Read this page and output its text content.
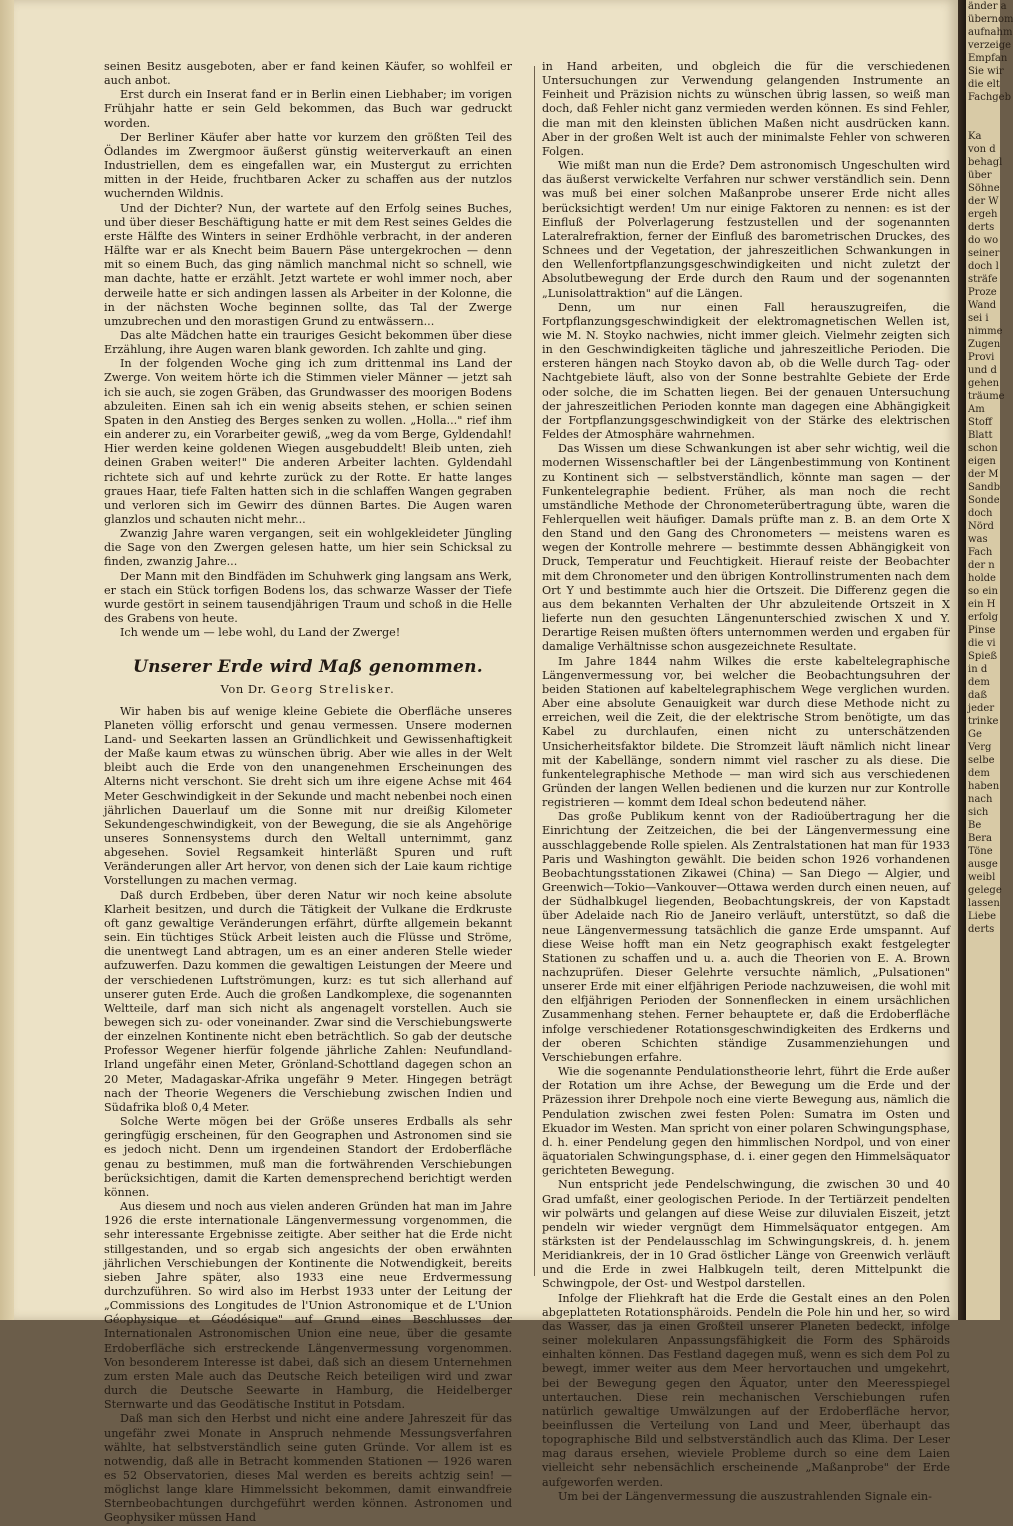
seinen Besitz ausgeboten, aber er fand keinen Käufer, so wohlfeil er auch anbot.

Erst durch ein Inserat fand er in Berlin einen Liebhaber; im vorigen Frühjahr hatte er sein Geld bekommen, das Buch war gedruckt worden.

Der Berliner Käufer aber hatte vor kurzem den größten Teil des Ödlandes im Zwergmoor äußerst günstig weiterverkauft an einen Industriellen, dem es eingefallen war, ein Mustergut zu errichten mitten in der Heide, fruchtbaren Acker zu schaffen aus der nutzlos wuchernden Wildnis.

Und der Dichter? Nun, der wartete auf den Erfolg seines Buches, und über dieser Beschäftigung hatte er mit dem Rest seines Geldes die erste Hälfte des Winters in seiner Erdhöhle verbracht, in der anderen Hälfte war er als Knecht beim Bauern Päse untergekrochen — denn mit so einem Buch, das ging nämlich manchmal nicht so schnell, wie man dachte, hatte er erzählt. Jetzt wartete er wohl immer noch, aber derweile hatte er sich andingen lassen als Arbeiter in der Kolonne, die in der nächsten Woche beginnen sollte, das Tal der Zwerge umzubrechen und den morastigen Grund zu entwässern...

Das alte Mädchen hatte ein trauriges Gesicht bekommen über diese Erzählung, ihre Augen waren blank geworden. Ich zahlte und ging.

In der folgenden Woche ging ich zum drittenmal ins Land der Zwerge. Von weitem hörte ich die Stimmen vieler Männer — jetzt sah ich sie auch, sie zogen Gräben, das Grundwasser des moorigen Bodens abzuleiten. Einen sah ich ein wenig abseits stehen, er schien seinen Spaten in den Anstieg des Berges senken zu wollen. „Holla..." rief ihm ein anderer zu, ein Vorarbeiter gewiß, „weg da vom Berge, Gyldendahl! Hier werden keine goldenen Wiegen ausgebuddelt! Bleib unten, zieh deinen Graben weiter!" Die anderen Arbeiter lachten. Gyldendahl richtete sich auf und kehrte zurück zu der Rotte. Er hatte langes graues Haar, tiefe Falten hatten sich in die schlaffen Wangen gegraben und verloren sich im Gewirr des dünnen Bartes. Die Augen waren glanzlos und schauten nicht mehr...

Zwanzig Jahre waren vergangen, seit ein wohlgekleideter Jüngling die Sage von den Zwergen gelesen hatte, um hier sein Schicksal zu finden, zwanzig Jahre...

Der Mann mit den Bindfäden im Schuhwerk ging langsam ans Werk, er stach ein Stück torfigen Bodens los, das schwarze Wasser der Tiefe wurde gestört in seinem tausendjährigen Traum und schoß in die Helle des Grabens von heute.

Ich wende um — lebe wohl, du Land der Zwerge!

Unserer Erde wird Maß genommen.
Von Dr. Georg Strelisker.

Wir haben bis auf wenige kleine Gebiete die Oberfläche unseres Planeten völlig erforscht und genau vermessen. Unsere modernen Land- und Seekarten lassen an Gründlichkeit und Gewissenhaftigkeit der Maße kaum etwas zu wünschen übrig. Aber wie alles in der Welt bleibt auch die Erde von den unangenehmen Erscheinungen des Alterns nicht verschont. Sie dreht sich um ihre eigene Achse mit 464 Meter Geschwindigkeit in der Sekunde und macht nebenbei noch einen jährlichen Dauerlauf um die Sonne mit nur dreißig Kilometer Sekundengeschwindigkeit, von der Bewegung, die sie als Angehörige unseres Sonnensystems durch den Weltall unternimmt, ganz abgesehen. Soviel Regsamkeit hinterläßt Spuren und ruft Veränderungen aller Art hervor, von denen sich der Laie kaum richtige Vorstellungen zu machen vermag.

Daß durch Erdbeben, über deren Natur wir noch keine absolute Klarheit besitzen, und durch die Tätigkeit der Vulkane die Erdkruste oft ganz gewaltige Veränderungen erfährt, dürfte allgemein bekannt sein. Ein tüchtiges Stück Arbeit leisten auch die Flüsse und Ströme, die unentwegt Land abtragen, um es an einer anderen Stelle wieder aufzuwerfen. Dazu kommen die gewaltigen Leistungen der Meere und der verschiedenen Luftströmungen, kurz: es tut sich allerhand auf unserer guten Erde. Auch die großen Landkomplexe, die sogenannten Weltteile, darf man sich nicht als angenagelt vorstellen. Auch sie bewegen sich zu- oder voneinander. Zwar sind die Verschiebungswerte der einzelnen Kontinente nicht eben beträchtlich. So gab der deutsche Professor Wegener hierfür folgende jährliche Zahlen: Neufundland-Irland ungefähr einen Meter, Grönland-Schottland dagegen schon an 20 Meter, Madagaskar-Afrika ungefähr 9 Meter. Hingegen beträgt nach der Theorie Wegeners die Verschiebung zwischen Indien und Südafrika bloß 0,4 Meter.

Solche Werte mögen bei der Größe unseres Erdballs als sehr geringfügig erscheinen, für den Geographen und Astronomen sind sie es jedoch nicht. Denn um irgendeinen Standort der Erdoberfläche genau zu bestimmen, muß man die fortwährenden Verschiebungen berücksichtigen, damit die Karten demensprechend berichtigt werden können.

Aus diesem und noch aus vielen anderen Gründen hat man im Jahre 1926 die erste internationale Längenvermessung vorgenommen, die sehr interessante Ergebnisse zeitigte. Aber seither hat die Erde nicht stillgestanden, und so ergab sich angesichts der oben erwähnten jährlichen Verschiebungen der Kontinente die Notwendigkeit, bereits sieben Jahre später, also 1933 eine neue Erdvermessung durchzuführen. So wird also im Herbst 1933 unter der Leitung der „Commissions des Longitudes de l'Union Astronomique et de L'Union Géophysique et Géodésique" auf Grund eines Beschlusses der Internationalen Astronomischen Union eine neue, über die gesamte Erdoberfläche sich erstreckende Längenvermessung vorgenommen. Von besonderem Interesse ist dabei, daß sich an diesem Unternehmen zum ersten Male auch das Deutsche Reich beteiligen wird und zwar durch die Deutsche Seewarte in Hamburg, die Heidelberger Sternwarte und das Geodätische Institut in Potsdam.

Daß man sich den Herbst und nicht eine andere Jahreszeit für das ungefähr zwei Monate in Anspruch nehmende Messungsverfahren wählte, hat selbstverständlich seine guten Gründe. Vor allem ist es notwendig, daß alle in Betracht kommenden Stationen — 1926 waren es 52 Observatorien, dieses Mal werden es bereits achtzig sein! — möglichst lange klare Himmelssicht bekommen, damit einwandfreie Sternbeobachtungen durchgeführt werden können. Astronomen und Geophysiker müssen Hand

in Hand arbeiten, und obgleich die für die verschiedenen Untersuchungen zur Verwendung gelangenden Instrumente an Feinheit und Präzision nichts zu wünschen übrig lassen, so weiß man doch, daß Fehler nicht ganz vermieden werden können. Es sind Fehler, die man mit den kleinsten üblichen Maßen nicht ausdrücken kann. Aber in der großen Welt ist auch der minimalste Fehler von schweren Folgen.

Wie mißt man nun die Erde? Dem astronomisch Ungeschulten wird das äußerst verwickelte Verfahren nur schwer verständlich sein. Denn was muß bei einer solchen Maßanprobe unserer Erde nicht alles berücksichtigt werden! Um nur einige Faktoren zu nennen: es ist der Einfluß der Polverlagerung festzustellen und der sogenannten Lateralrefraktion, ferner der Einfluß des barometrischen Druckes, des Schnees und der Vegetation, der jahreszeitlichen Schwankungen in den Wellenfortpflanzungsgeschwindigkeiten und nicht zuletzt der Absolutbewegung der Erde durch den Raum und der sogenannten „Lunisolattraktion" auf die Längen.

Denn, um nur einen Fall herauszugreifen, die Fortpflanzungsgeschwindigkeit der elektromagnetischen Wellen ist, wie M. N. Stoyko nachwies, nicht immer gleich. Vielmehr zeigten sich in den Geschwindigkeiten tägliche und jahreszeitliche Perioden. Die ersteren hängen nach Stoyko davon ab, ob die Welle durch Tag- oder Nachtgebiete läuft, also von der Sonne bestrahlte Gebiete der Erde oder solche, die im Schatten liegen. Bei der genauen Untersuchung der jahreszeitlichen Perioden konnte man dagegen eine Abhängigkeit der Fortpflanzungsgeschwindigkeit von der Stärke des elektrischen Feldes der Atmosphäre wahrnehmen.

Das Wissen um diese Schwankungen ist aber sehr wichtig, weil die modernen Wissenschaftler bei der Längenbestimmung von Kontinent zu Kontinent sich — selbstverständlich, könnte man sagen — der Funkentelegraphie bedient. Früher, als man noch die recht umständliche Methode der Chronometerübertragung übte, waren die Fehlerquellen weit häufiger. Damals prüfte man z. B. an dem Orte X den Stand und den Gang des Chronometers — meistens waren es wegen der Kontrolle mehrere — bestimmte dessen Abhängigkeit von Druck, Temperatur und Feuchtigkeit. Hierauf reiste der Beobachter mit dem Chronometer und den übrigen Kontrollinstrumenten nach dem Ort Y und bestimmte auch hier die Ortszeit. Die Differenz gegen die aus dem bekannten Verhalten der Uhr abzuleitende Ortszeit in X lieferte nun den gesuchten Längenunterschied zwischen X und Y. Derartige Reisen mußten öfters unternommen werden und ergaben für damalige Verhältnisse schon ausgezeichnete Resultate.

Im Jahre 1844 nahm Wilkes die erste kabeltelegraphische Längenvermessung vor, bei welcher die Beobachtungsuhren der beiden Stationen auf kabeltelegraphischem Wege verglichen wurden. Aber eine absolute Genauigkeit war durch diese Methode nicht zu erreichen, weil die Zeit, die der elektrische Strom benötigte, um das Kabel zu durchlaufen, einen nicht zu unterschätzenden Unsicherheitsfaktor bildete. Die Stromzeit läuft nämlich nicht linear mit der Kabellänge, sondern nimmt viel rascher zu als diese. Die funkentelegraphische Methode — man wird sich aus verschiedenen Gründen der langen Wellen bedienen und die kurzen nur zur Kontrolle registrieren — kommt dem Ideal schon bedeutend näher.

Das große Publikum kennt von der Radioübertragung her die Einrichtung der Zeitzeichen, die bei der Längenvermessung eine ausschlaggebende Rolle spielen. Als Zentralstationen hat man für 1933 Paris und Washington gewählt. Die beiden schon 1926 vorhandenen Beobachtungsstationen Zikawei (China) — San Diego — Algier, und Greenwich—Tokio—Vankouver—Ottawa werden durch einen neuen, auf der Südhalbkugel liegenden, Beobachtungskreis, der von Kapstadt über Adelaide nach Rio de Janeiro verläuft, unterstützt, so daß die neue Längenvermessung tatsächlich die ganze Erde umspannt. Auf diese Weise hofft man ein Netz geographisch exakt festgelegter Stationen zu schaffen und u. a. auch die Theorien von E. A. Brown nachzuprüfen. Dieser Gelehrte versuchte nämlich, „Pulsationen" unserer Erde mit einer elfjährigen Periode nachzuweisen, die wohl mit den elfjährigen Perioden der Sonnenflecken in einem ursächlichen Zusammenhang stehen. Ferner behauptete er, daß die Erdoberfläche infolge verschiedener Rotationsgeschwindigkeiten des Erdkerns und der oberen Schichten ständige Zusammenziehungen und Verschiebungen erfahre.

Wie die sogenannte Pendulationstheorie lehrt, führt die Erde außer der Rotation um ihre Achse, der Bewegung um die Erde und der Präzession ihrer Drehpole noch eine vierte Bewegung aus, nämlich die Pendulation zwischen zwei festen Polen: Sumatra im Osten und Ekuador im Westen. Man spricht von einer polaren Schwingungsphase, d. h. einer Pendelung gegen den himmlischen Nordpol, und von einer äquatorialen Schwingungsphase, d. i. einer gegen den Himmelsäquator gerichteten Bewegung.

Nun entspricht jede Pendelschwingung, die zwischen 30 und 40 Grad umfaßt, einer geologischen Periode. In der Tertiärzeit pendelten wir polwärts und gelangen auf diese Weise zur diluvialen Eiszeit, jetzt pendeln wir wieder vergnügt dem Himmelsäquator entgegen. Am stärksten ist der Pendelausschlag im Schwingungskreis, d. h. jenem Meridiankreis, der in 10 Grad östlicher Länge von Greenwich verläuft und die Erde in zwei Halbkugeln teilt, deren Mittelpunkt die Schwingpole, der Ost- und Westpol darstellen.

Infolge der Fliehkraft hat die Erde die Gestalt eines an den Polen abgeplatteten Rotationsphäroids. Pendeln die Pole hin und her, so wird das Wasser, das ja einen Großteil unserer Planeten bedeckt, infolge seiner molekularen Anpassungsfähigkeit die Form des Sphäroids einhalten können. Das Festland dagegen muß, wenn es sich dem Pol zu bewegt, immer weiter aus dem Meer hervortauchen und umgekehrt, bei der Bewegung gegen den Äquator, unter den Meeresspiegel untertauchen. Diese rein mechanischen Verschiebungen rufen natürlich gewaltige Umwälzungen auf der Erdoberfläche hervor, beeinflussen die Verteilung von Land und Meer, überhaupt das topographische Bild und selbstverständlich auch das Klima. Der Leser mag daraus ersehen, wieviele Probleme durch so eine dem Laien vielleicht sehr nebensächlich erscheinende „Maßanprobe" der Erde aufgeworfen werden.

Um bei der Längenvermessung die auszustrahlenden Signale ein-

änder a
übernom
aufnahm
verzeige
Empfan
Sie wir
die elt
Fachgeb

Ka
von d
behagl
über
Söhne
der W
ergeh
derts
do wo
seiner
doch l
sträfe
Proze
Wand
sei i
nimme
Zugen
Provi
und d
gehen
träume
Am
Stoff
Blatt
schon
eigen
der M
Sandb
Sonde
doch
Nörd
was
Fach
der n
holde
so ein
ein H
erfolg
Pinse
die vi
Spieß
in d
dem
daß
jeder
trinke
Ge
Verg
selbe
dem
haben
nach
sich
Be
Bera
Töne
ausge
weibl
gelege
lassen
Liebe
derts
